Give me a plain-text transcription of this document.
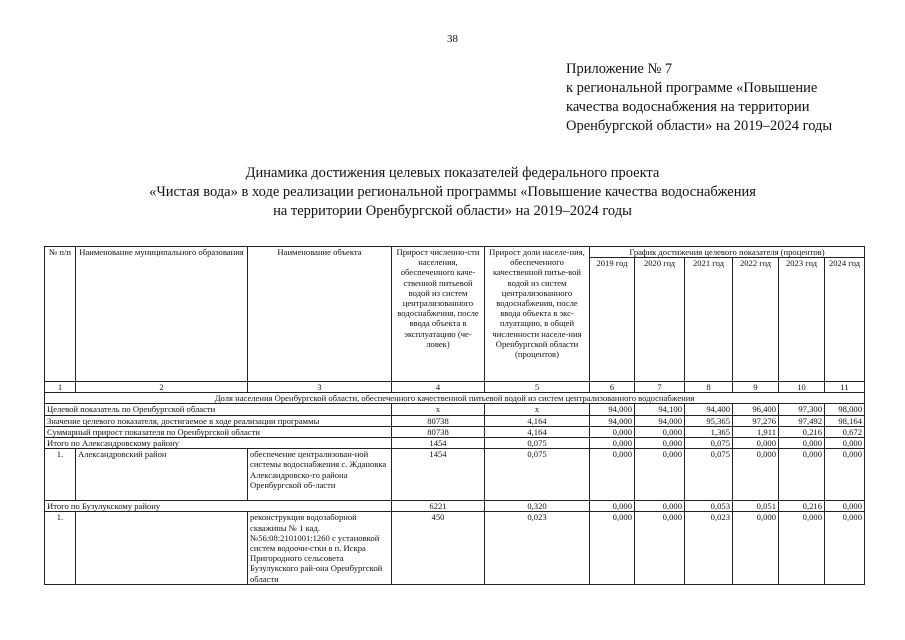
38
Приложение № 7
к региональной программе «Повышение
качества водоснабжения на территории
Оренбургской области» на 2019–2024 годы
Динамика достижения целевых показателей федерального проекта
«Чистая вода» в ходе реализации региональной программы «Повышение качества водоснабжения
на территории Оренбургской области» на 2019–2024 годы
№ п/п	Наименование муниципального образования	Наименование объекта	Прирост численно-сти населения, обеспеченного каче-ственной питьевой водой из систем централизованного водоснабжения, после ввода объекта в эксплуатацию (че-ловек)	Прирост доли населе-ния, обеспеченного качественной питье-вой водой из систем централизованного водоснабжения, после ввода объекта в экс-плуатацию, в общей численности населе-ния Оренбургской области (процентов)	График достижения целевого показателя (процентов)					
					2019 год	2020 год	2021 год	2022 год	2023 год	2024 год
1	2	3	4	5	6	7	8	9	10	11
Доля населения Оренбургской области, обеспеченного качественной питьевой водой из систем централизованного водоснабжения										
Целевой показатель по Оренбургской области			x	x	94,000	94,100	94,400	96,400	97,300	98,000
Значение целевого показателя, достигаемое в ходе реализации программы			80738	4,164	94,000	94,000	95,365	97,276	97,492	98,164
Суммарный прирост показателя по Оренбургской области			80738	4,164	0,000	0,000	1,365	1,911	0,216	0,672
Итого по Александровскому району			1454	0,075	0,000	0,000	0,075	0,000	0,000	0,000
1.	Александровский район	обеспечение централизован-ной системы водоснабжения с. Ждановка Александровско-го района Оренбургской об-ласти	1454	0,075	0,000	0,000	0,075	0,000	0,000	0,000
Итого по Бузулукскому району			6221	0,320	0,000	0,000	0,053	0,051	0,216	0,000
1.		реконструкция водозаборной скважины № 1 кад.№56:08:2101001:1260 с установкой систем водоочи-стки в п. Искра Пригородного сельсовета Бузулукского рай-она Оренбургской области	450	0,023	0,000	0,000	0,023	0,000	0,000	0,000
